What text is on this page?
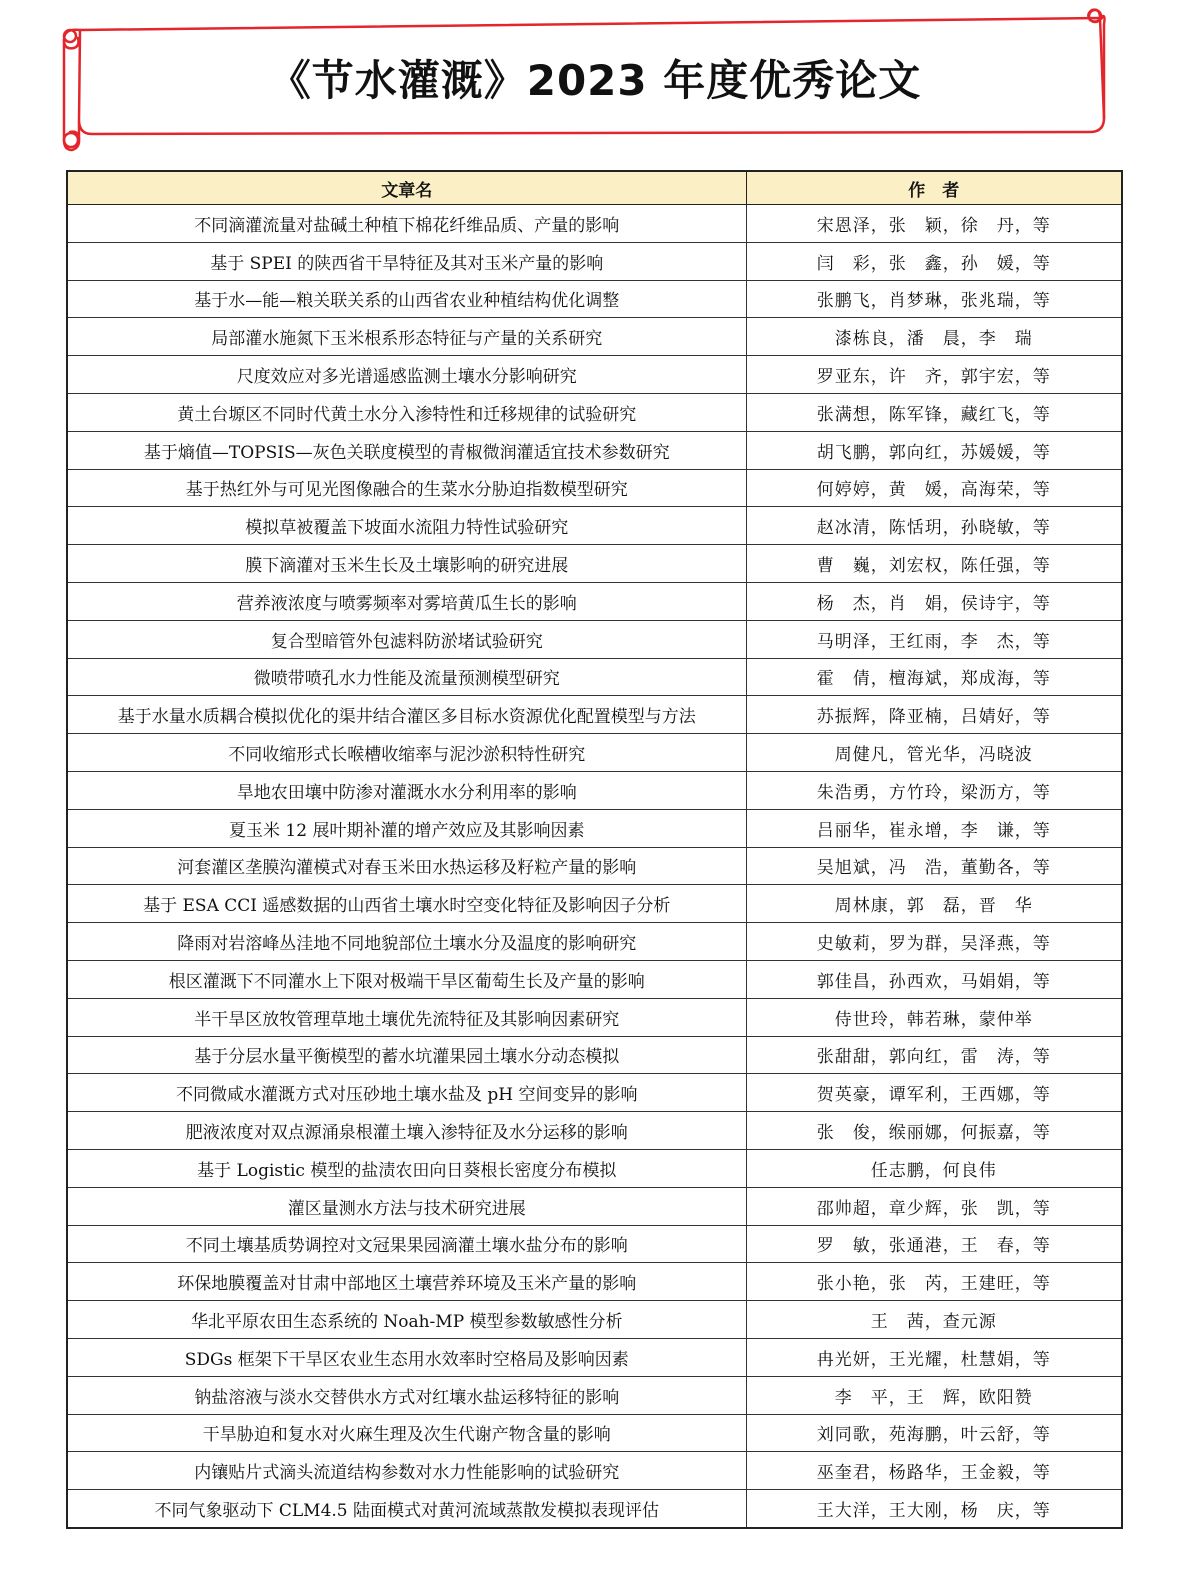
《节水灌溉》2023 年度优秀论文
文章名	作　者
不同滴灌流量对盐碱土种植下棉花纤维品质、产量的影响	宋恩泽，张　颖，徐　丹，等
基于 SPEI 的陕西省干旱特征及其对玉米产量的影响	闫　彩，张　鑫，孙　媛，等
基于水—能—粮关联关系的山西省农业种植结构优化调整	张鹏飞，肖梦琳，张兆瑞，等
局部灌水施氮下玉米根系形态特征与产量的关系研究	漆栋良，潘　晨，李　瑞
尺度效应对多光谱遥感监测土壤水分影响研究	罗亚东，许　齐，郭宇宏，等
黄土台塬区不同时代黄土水分入渗特性和迁移规律的试验研究	张满想，陈军锋，藏红飞，等
基于熵值—TOPSIS—灰色关联度模型的青椒微润灌适宜技术参数研究	胡飞鹏，郭向红，苏媛媛，等
基于热红外与可见光图像融合的生菜水分胁迫指数模型研究	何婷婷，黄　媛，高海荣，等
模拟草被覆盖下坡面水流阻力特性试验研究	赵冰清，陈恬玥，孙晓敏，等
膜下滴灌对玉米生长及土壤影响的研究进展	曹　巍，刘宏权，陈任强，等
营养液浓度与喷雾频率对雾培黄瓜生长的影响	杨　杰，肖　娟，侯诗宇，等
复合型暗管外包滤料防淤堵试验研究	马明泽，王红雨，李　杰，等
微喷带喷孔水力性能及流量预测模型研究	霍　倩，檀海斌，郑成海，等
基于水量水质耦合模拟优化的渠井结合灌区多目标水资源优化配置模型与方法	苏振辉，降亚楠，吕婧好，等
不同收缩形式长喉槽收缩率与泥沙淤积特性研究	周健凡，管光华，冯晓波
旱地农田壤中防渗对灌溉水水分利用率的影响	朱浩勇，方竹玲，梁沥方，等
夏玉米 12 展叶期补灌的增产效应及其影响因素	吕丽华，崔永增，李　谦，等
河套灌区垄膜沟灌模式对春玉米田水热运移及籽粒产量的影响	吴旭斌，冯　浩，董勤各，等
基于 ESA CCI 遥感数据的山西省土壤水时空变化特征及影响因子分析	周林康，郭　磊，晋　华
降雨对岩溶峰丛洼地不同地貌部位土壤水分及温度的影响研究	史敏莉，罗为群，吴泽燕，等
根区灌溉下不同灌水上下限对极端干旱区葡萄生长及产量的影响	郭佳昌，孙西欢，马娟娟，等
半干旱区放牧管理草地土壤优先流特征及其影响因素研究	侍世玲，韩若琳，蒙仲举
基于分层水量平衡模型的蓄水坑灌果园土壤水分动态模拟	张甜甜，郭向红，雷　涛，等
不同微咸水灌溉方式对压砂地土壤水盐及 pH 空间变异的影响	贺英豪，谭军利，王西娜，等
肥液浓度对双点源涌泉根灌土壤入渗特征及水分运移的影响	张　俊，缑丽娜，何振嘉，等
基于 Logistic 模型的盐渍农田向日葵根长密度分布模拟	任志鹏，何良伟
灌区量测水方法与技术研究进展	邵帅超，章少辉，张　凯，等
不同土壤基质势调控对文冠果果园滴灌土壤水盐分布的影响	罗　敏，张通港，王　春，等
环保地膜覆盖对甘肃中部地区土壤营养环境及玉米产量的影响	张小艳，张　芮，王建旺，等
华北平原农田生态系统的 Noah-MP 模型参数敏感性分析	王　茜，查元源
SDGs 框架下干旱区农业生态用水效率时空格局及影响因素	冉光妍，王光耀，杜慧娟，等
钠盐溶液与淡水交替供水方式对红壤水盐运移特征的影响	李　平，王　辉，欧阳赞
干旱胁迫和复水对火麻生理及次生代谢产物含量的影响	刘同歌，苑海鹏，叶云舒，等
内镶贴片式滴头流道结构参数对水力性能影响的试验研究	巫奎君，杨路华，王金毅，等
不同气象驱动下 CLM4.5 陆面模式对黄河流域蒸散发模拟表现评估	王大洋，王大刚，杨　庆，等
